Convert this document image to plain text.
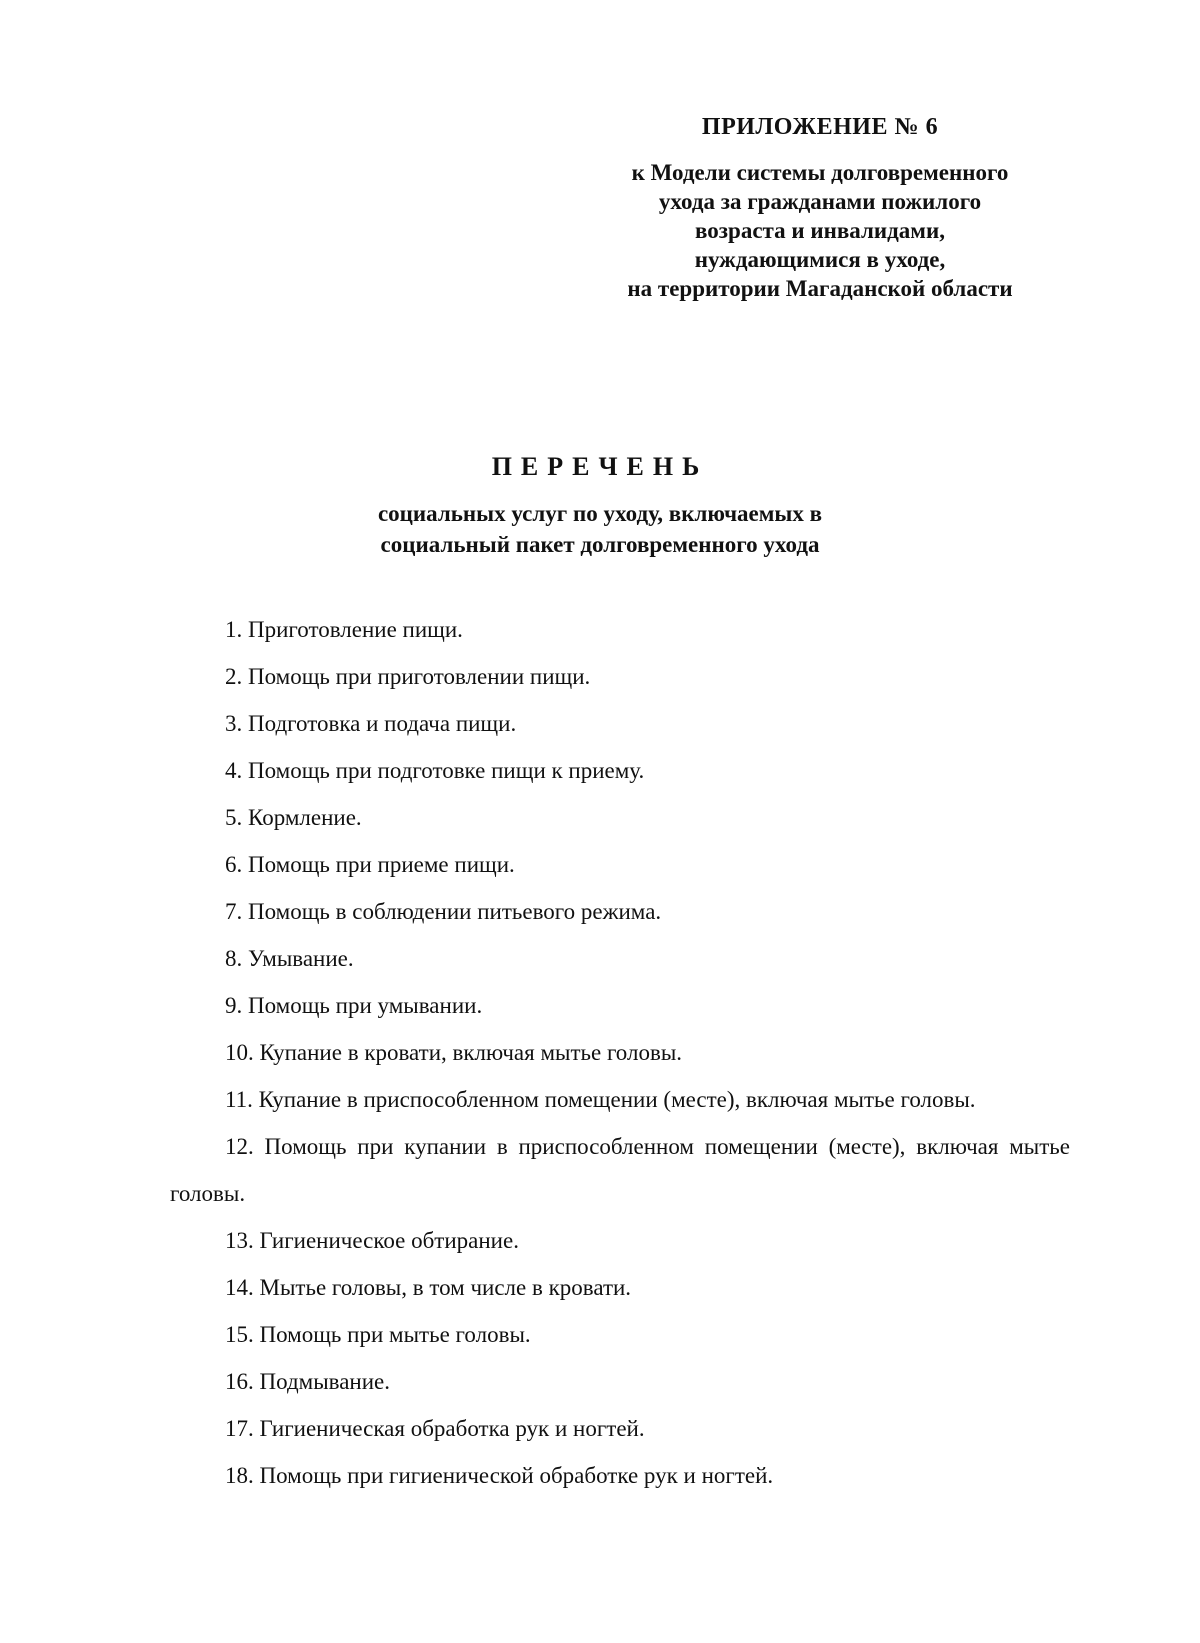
ПРИЛОЖЕНИЕ № 6

к Модели системы долговременного

ухода за гражданами пожилого

возраста и инвалидами,

нуждающимися в уходе,

на территории Магаданской области

ПЕРЕЧЕНЬ

социальных услуг по уходу, включаемых в

социальный пакет долговременного ухода

1. Приготовление пищи.

2. Помощь при приготовлении пищи.

3. Подготовка и подача пищи.

4. Помощь при подготовке пищи к приему.

5. Кормление.

6. Помощь при приеме пищи.

7. Помощь в соблюдении питьевого режима.

8. Умывание.

9. Помощь при умывании.

10. Купание в кровати, включая мытье головы.

11. Купание в приспособленном помещении (месте), включая мытье головы.

12. Помощь при купании в приспособленном помещении (месте), включая мытье головы.

13. Гигиеническое обтирание.

14. Мытье головы, в том числе в кровати.

15. Помощь при мытье головы.

16. Подмывание.

17. Гигиеническая обработка рук и ногтей.

18. Помощь при гигиенической обработке рук и ногтей.
